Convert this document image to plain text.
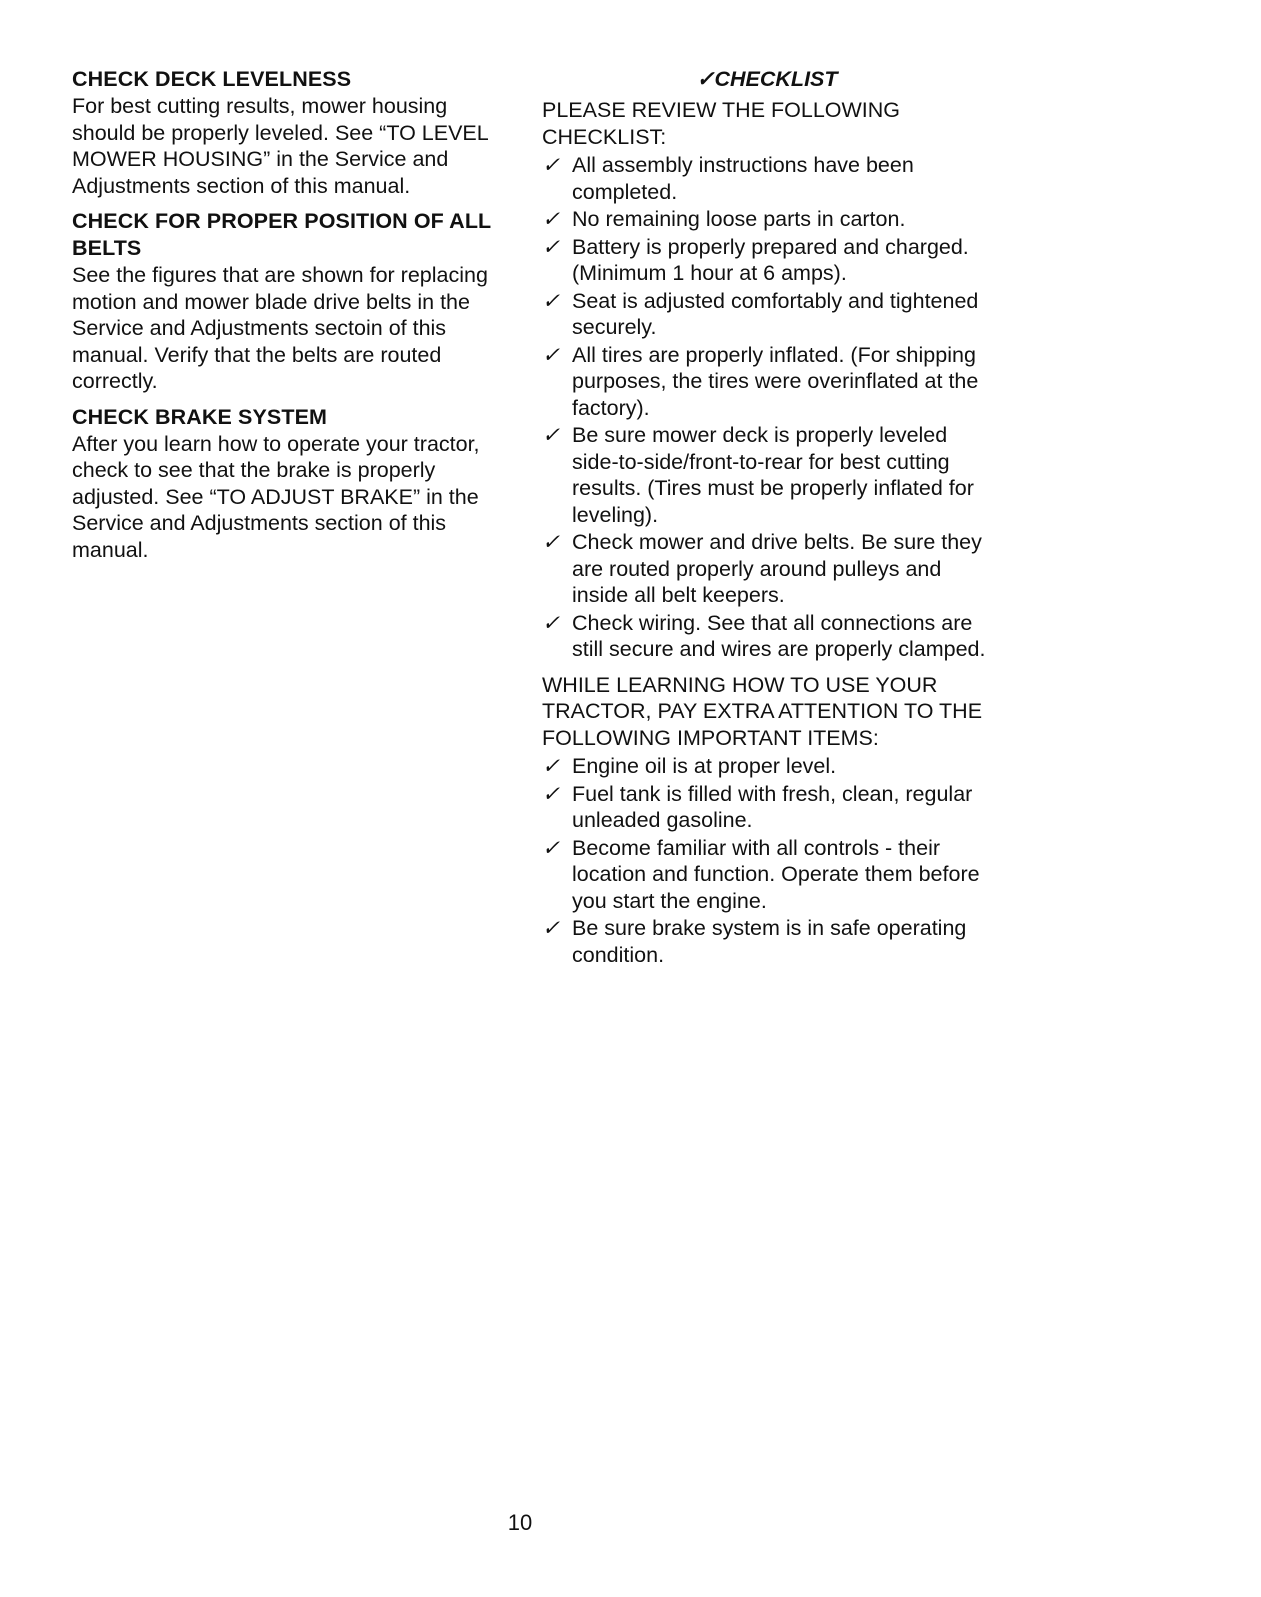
CHECK DECK LEVELNESS

For best cutting results, mower housing should be properly leveled. See “TO LEVEL MOWER HOUSING” in the Service and Adjustments section of this manual.

CHECK FOR PROPER POSITION OF ALL BELTS

See the figures that are shown for replacing motion and mower blade drive belts in the Service and Adjustments sectoin of this manual. Verify that the belts are routed correctly.

CHECK BRAKE SYSTEM

After you learn how to operate your tractor, check to see that the brake is properly adjusted. See “TO ADJUST BRAKE” in the Service and Adjustments section of this manual.

✓CHECKLIST

PLEASE REVIEW THE FOLLOWING CHECKLIST:

✓ All assembly instructions have been completed.
✓ No remaining loose parts in carton.
✓ Battery is properly prepared and charged. (Minimum 1 hour at 6 amps).
✓ Seat is adjusted comfortably and tightened securely.
✓ All tires are properly inflated. (For shipping purposes, the tires were overinflated at the factory).
✓ Be sure mower deck is properly leveled side-to-side/front-to-rear for best cutting results. (Tires must be properly inflated for leveling).
✓ Check mower and drive belts. Be sure they are routed properly around pulleys and inside all belt keepers.
✓ Check wiring. See that all connections are still secure and wires are properly clamped.

WHILE LEARNING HOW TO USE YOUR TRACTOR, PAY EXTRA ATTENTION TO THE FOLLOWING IMPORTANT ITEMS:

✓ Engine oil is at proper level.
✓ Fuel tank is filled with fresh, clean, regular unleaded gasoline.
✓ Become familiar with all controls - their location and function. Operate them before you start the engine.
✓ Be sure brake system is in safe operating condition.
10
